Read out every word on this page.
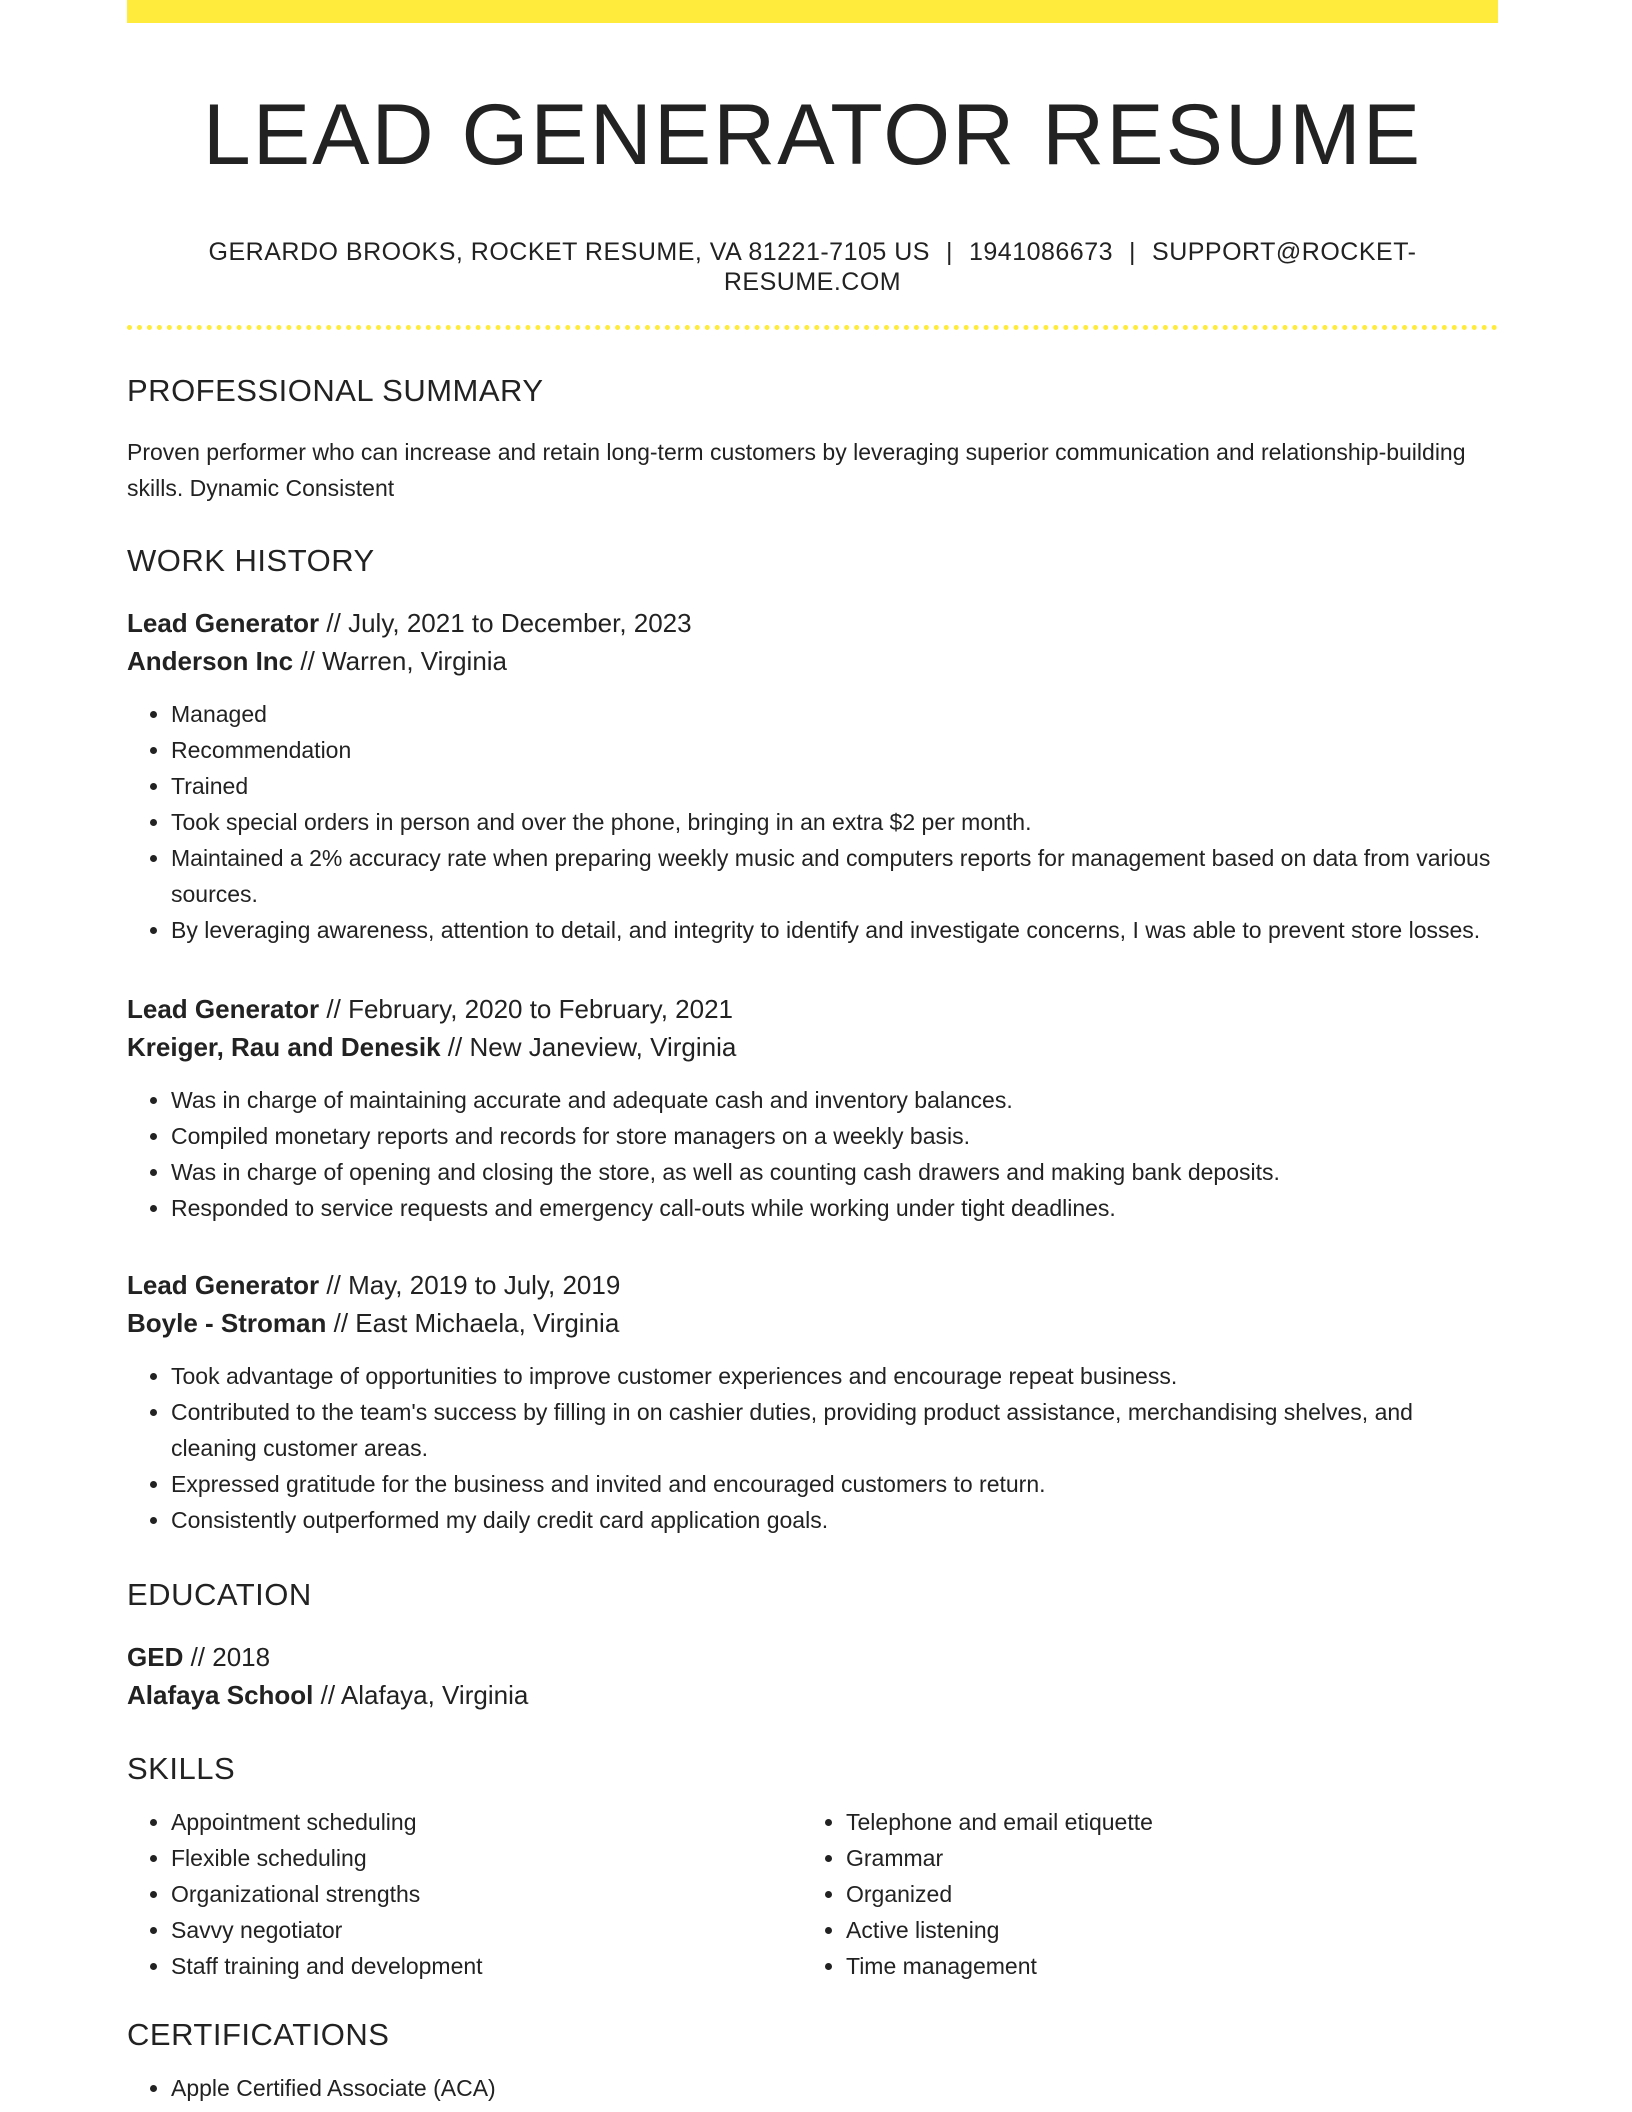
LEAD GENERATOR RESUME
GERARDO BROOKS, ROCKET RESUME, VA 81221-7105 US | 1941086673 | SUPPORT@ROCKET-RESUME.COM
PROFESSIONAL SUMMARY
Proven performer who can increase and retain long-term customers by leveraging superior communication and relationship-building skills. Dynamic Consistent
WORK HISTORY
Lead Generator // July, 2021 to December, 2023
Anderson Inc // Warren, Virginia
• Managed
• Recommendation
• Trained
• Took special orders in person and over the phone, bringing in an extra $2 per month.
• Maintained a 2% accuracy rate when preparing weekly music and computers reports for management based on data from various sources.
• By leveraging awareness, attention to detail, and integrity to identify and investigate concerns, I was able to prevent store losses.
Lead Generator // February, 2020 to February, 2021
Kreiger, Rau and Denesik // New Janeview, Virginia
• Was in charge of maintaining accurate and adequate cash and inventory balances.
• Compiled monetary reports and records for store managers on a weekly basis.
• Was in charge of opening and closing the store, as well as counting cash drawers and making bank deposits.
• Responded to service requests and emergency call-outs while working under tight deadlines.
Lead Generator // May, 2019 to July, 2019
Boyle - Stroman // East Michaela, Virginia
• Took advantage of opportunities to improve customer experiences and encourage repeat business.
• Contributed to the team's success by filling in on cashier duties, providing product assistance, merchandising shelves, and cleaning customer areas.
• Expressed gratitude for the business and invited and encouraged customers to return.
• Consistently outperformed my daily credit card application goals.
EDUCATION
GED // 2018
Alafaya School // Alafaya, Virginia
SKILLS
• Appointment scheduling
• Flexible scheduling
• Organizational strengths
• Savvy negotiator
• Staff training and development
• Telephone and email etiquette
• Grammar
• Organized
• Active listening
• Time management
CERTIFICATIONS
• Apple Certified Associate (ACA)
